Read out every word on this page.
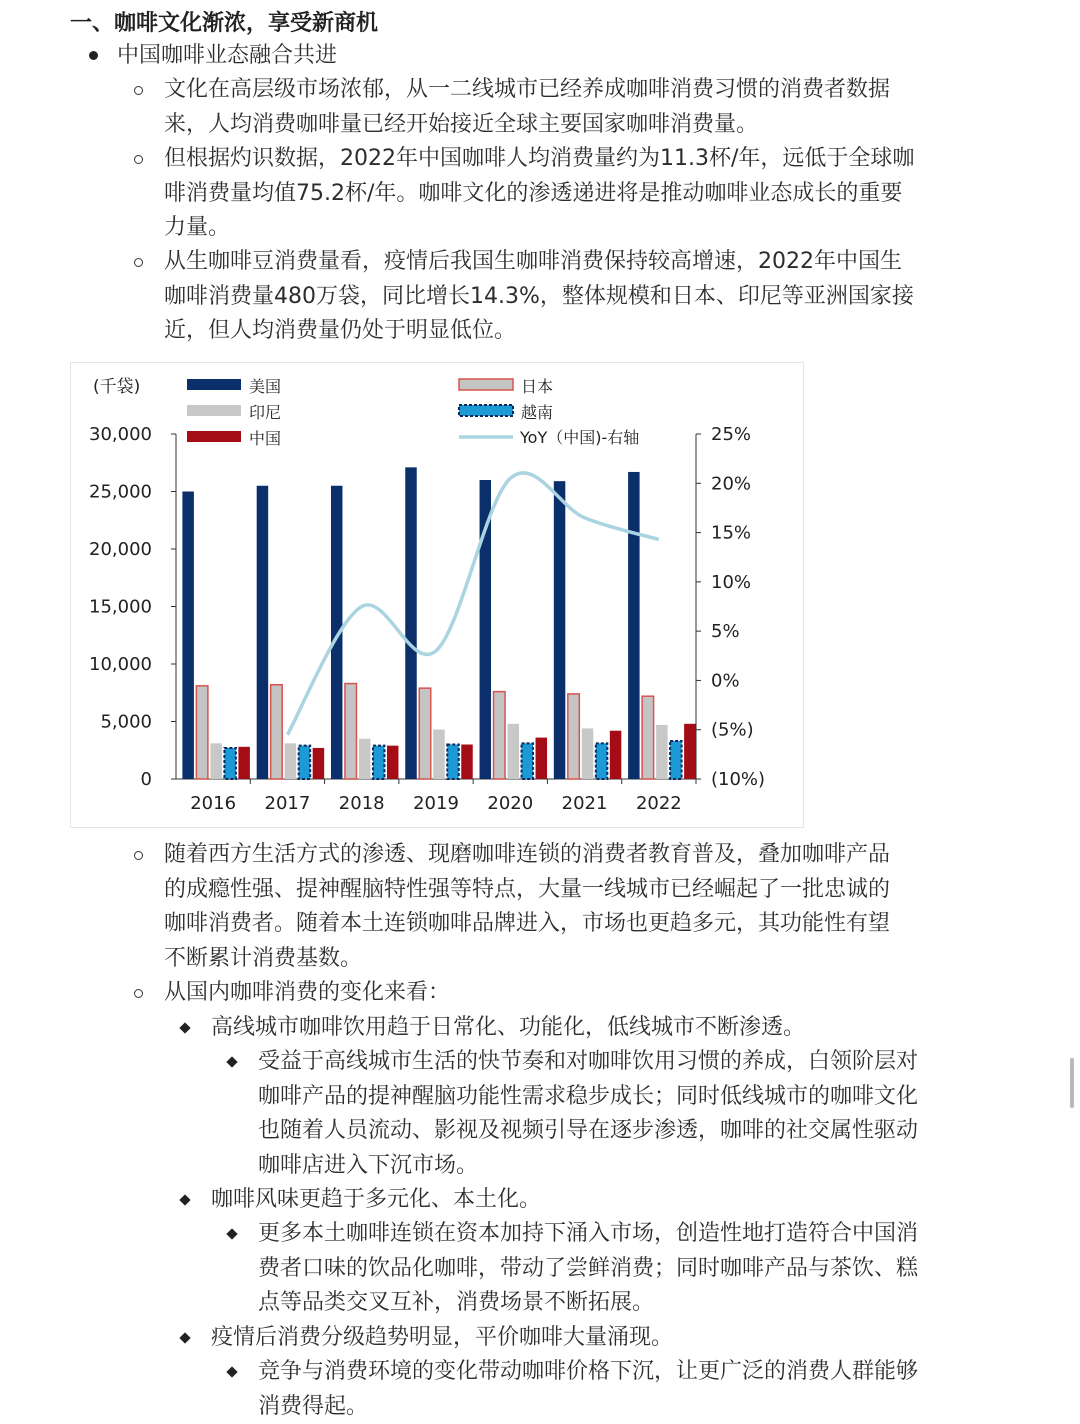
一、咖啡文化渐浓，享受新商机
中国咖啡业态融合共进
文化在高层级市场浓郁，从一二线城市已经养成咖啡消费习惯的消费者数据
来，人均消费咖啡量已经开始接近全球主要国家咖啡消费量。
但根据灼识数据，2022年中国咖啡人均消费量约为11.3杯/年，远低于全球咖
啡消费量均值75.2杯/年。咖啡文化的渗透递进将是推动咖啡业态成长的重要
力量。
从生咖啡豆消费量看，疫情后我国生咖啡消费保持较高增速，2022年中国生
咖啡消费量480万袋，同比增长14.3%，整体规模和日本、印尼等亚洲国家接
近，但人均消费量仍处于明显低位。
0
5,000
10,000
15,000
20,000
25,000
30,000
(10%)
(5%)
0%
5%
10%
15%
20%
25%
(千袋)
2016 2017 2018 2019 2020 2021 2022
美国
印尼
中国
日本
越南
YoY（中国)-右轴
随着西方生活方式的渗透、现磨咖啡连锁的消费者教育普及，叠加咖啡产品
的成瘾性强、提神醒脑特性强等特点，大量一线城市已经崛起了一批忠诚的
咖啡消费者。随着本土连锁咖啡品牌进入，市场也更趋多元，其功能性有望
不断累计消费基数。
从国内咖啡消费的变化来看：
高线城市咖啡饮用趋于日常化、功能化，低线城市不断渗透。
受益于高线城市生活的快节奏和对咖啡饮用习惯的养成，白领阶层对
咖啡产品的提神醒脑功能性需求稳步成长；同时低线城市的咖啡文化
也随着人员流动、影视及视频引导在逐步渗透，咖啡的社交属性驱动
咖啡店进入下沉市场。
咖啡风味更趋于多元化、本土化。
更多本土咖啡连锁在资本加持下涌入市场，创造性地打造符合中国消
费者口味的饮品化咖啡，带动了尝鲜消费；同时咖啡产品与茶饮、糕
点等品类交叉互补，消费场景不断拓展。
疫情后消费分级趋势明显，平价咖啡大量涌现。
竞争与消费环境的变化带动咖啡价格下沉，让更广泛的消费人群能够
消费得起。
